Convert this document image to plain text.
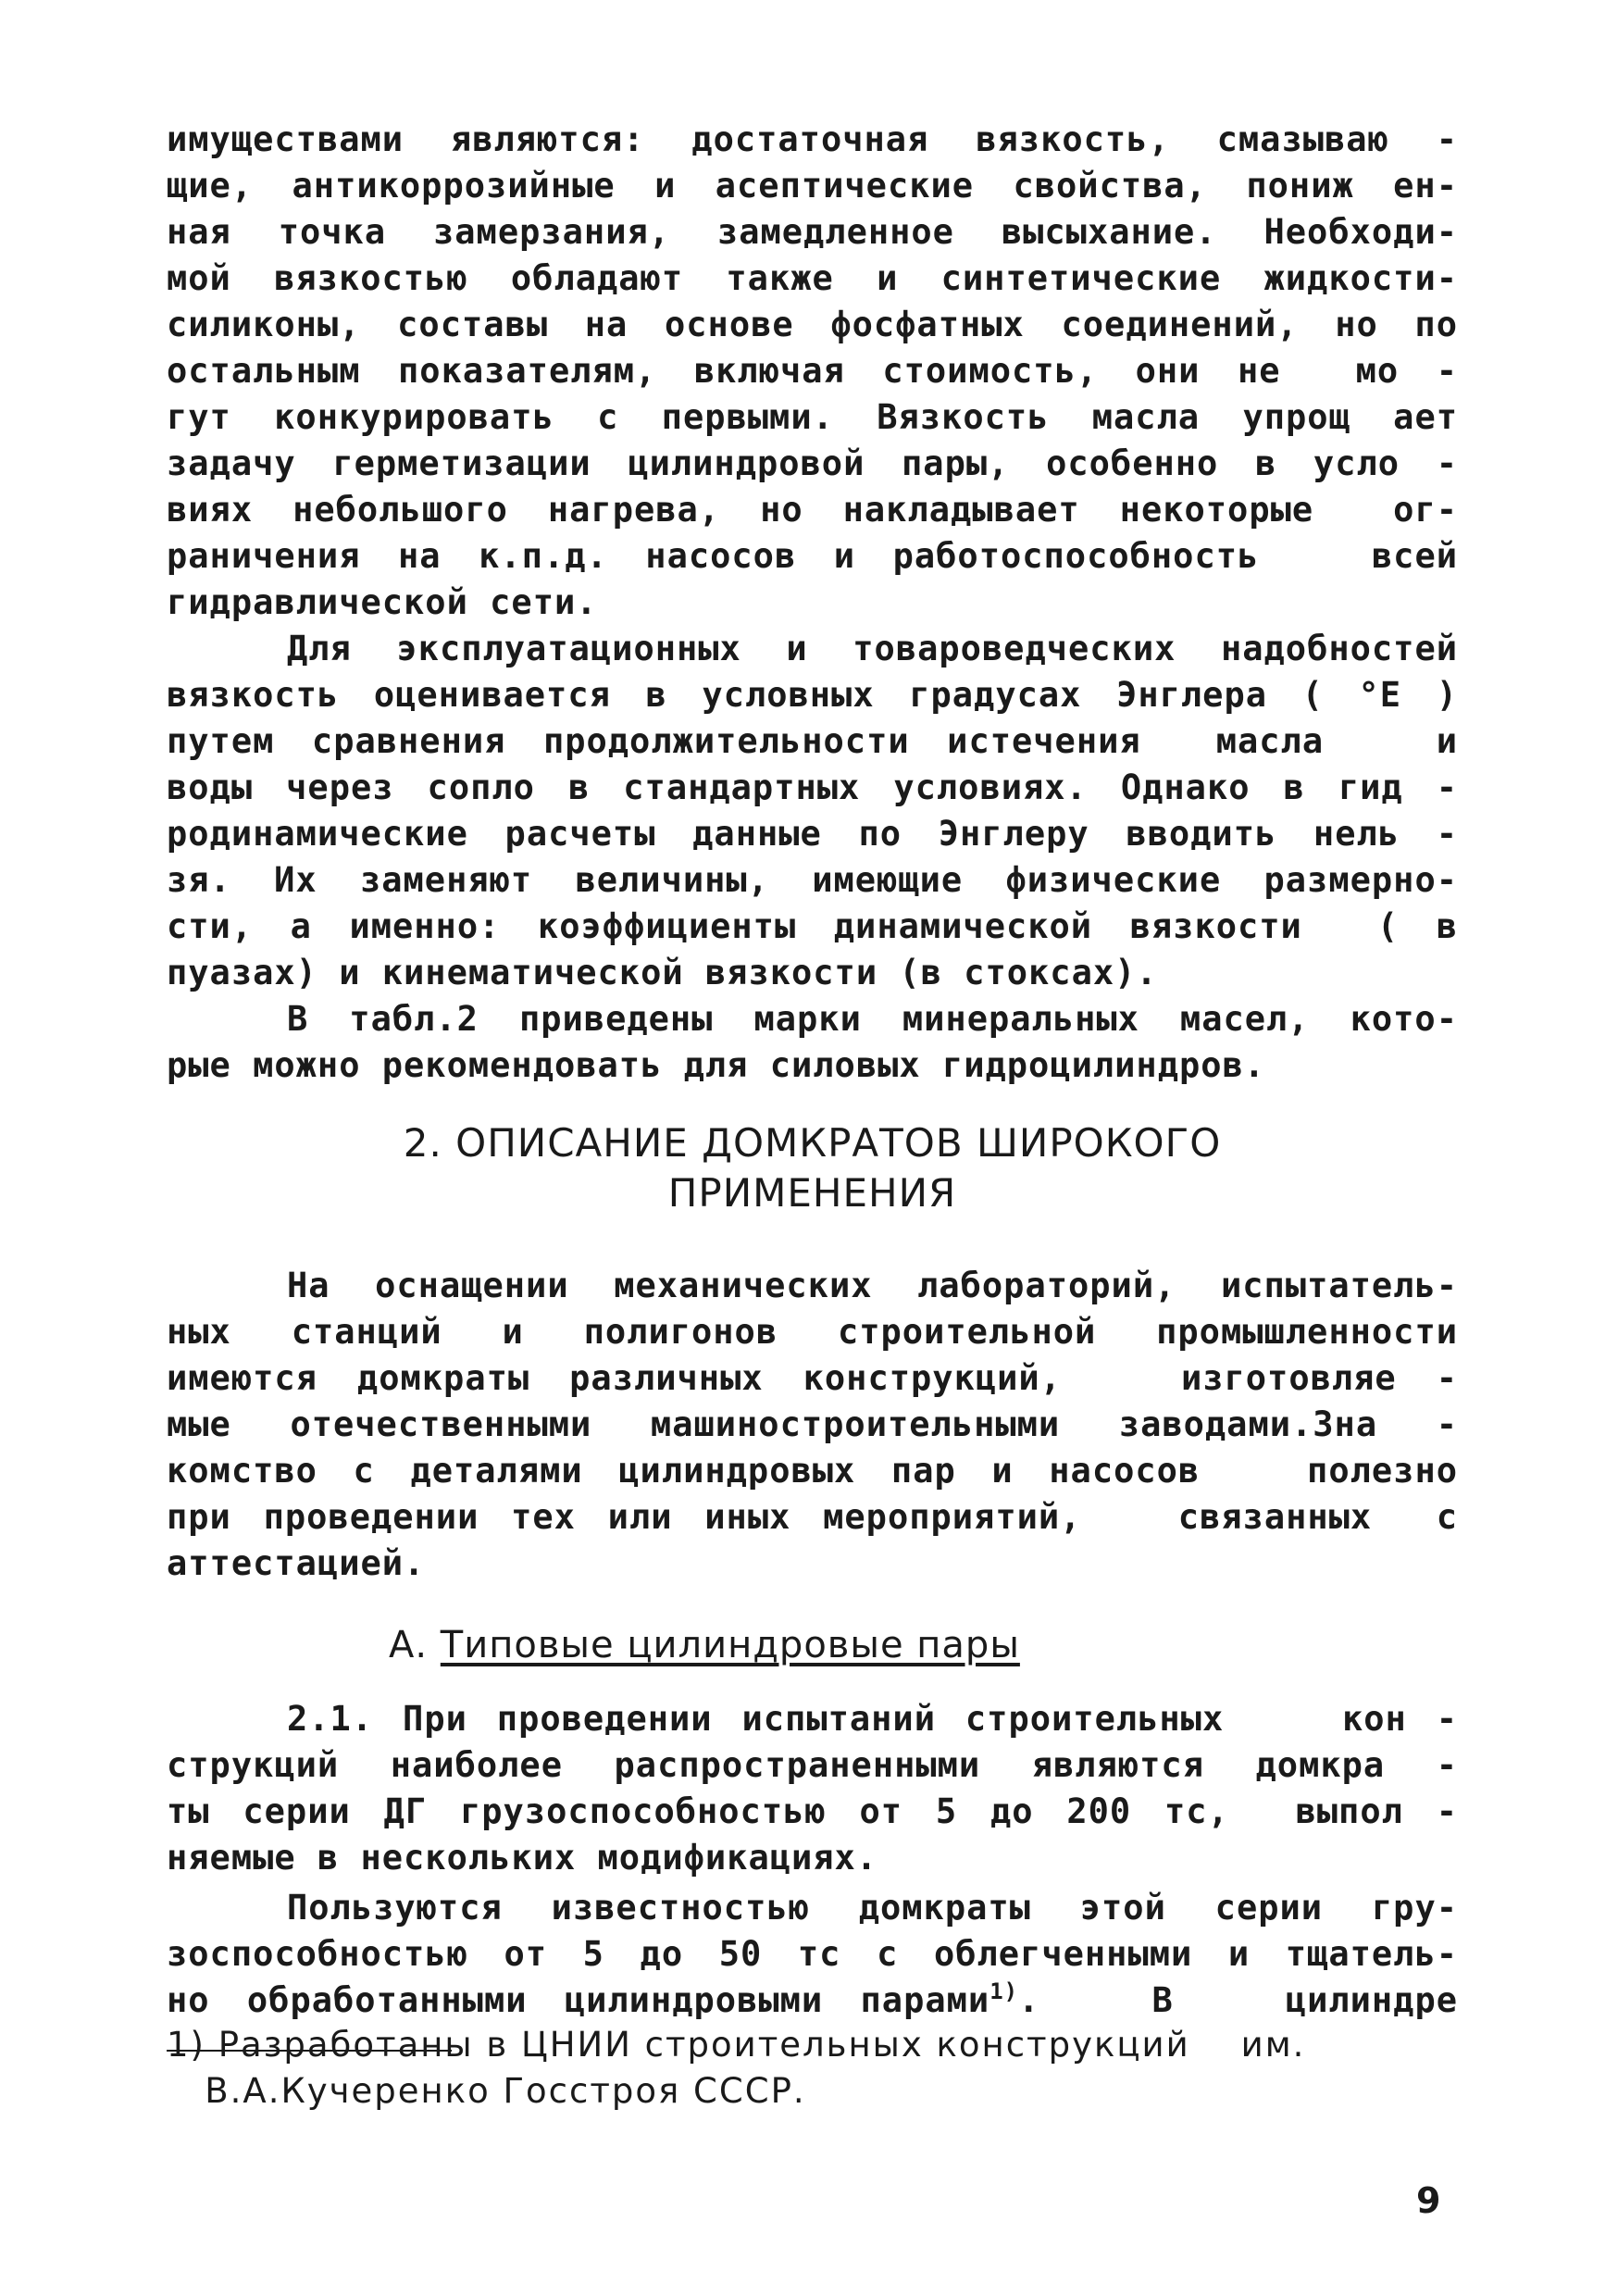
имуществами являются: достаточная вязкость, смазываю -
щие, антикоррозийные и асептические свойства, пониж ен-
ная точка замерзания, замедленное высыхание. Необходи-
мой вязкостью обладают также и синтетические жидкости-
силиконы, составы на основе фосфатных соединений, но по
остальным показателям, включая стоимость, они не  мо -
гут конкурировать с первыми. Вязкость масла упрощ ает
задачу герметизации цилиндровой пары, особенно в усло -
виях небольшого нагрева, но накладывает некоторые  ог-
раничения на к.п.д. насосов и работоспособность   всей
гидравлической сети.
Для эксплуатационных и товароведческих надобностей
вязкость оценивается в условных градусах Энглера ( °Е )
путем сравнения продолжительности истечения  масла   и
воды через сопло в стандартных условиях. Однако в гид -
родинамические расчеты данные по Энглеру вводить нель -
зя. Их заменяют величины, имеющие физические размерно-
сти, а именно: коэффициенты динамической вязкости  ( в
пуазах) и кинематической вязкости (в стоксах).
В табл.2 приведены марки минеральных масел, кото-
рые можно рекомендовать для силовых гидроцилиндров.
2. ОПИСАНИЕ ДОМКРАТОВ ШИРОКОГО
ПРИМЕНЕНИЯ
На оснащении механических лабораторий, испытатель-
ных станций и полигонов строительной промышленности
имеются домкраты различных конструкций,   изготовляе -
мые отечественными машиностроительными заводами.Зна -
комство с деталями цилиндровых пар и насосов   полезно
при проведении тех или иных мероприятий,   связанных  с
аттестацией.
А. Типовые цилиндровые пары
2.1. При проведении испытаний строительных    кон -
струкций наиболее распространенными являются домкра -
ты серии ДГ грузоспособностью от 5 до 200 тс,  выпол -
няемые в нескольких модификациях.
Пользуются известностью домкраты этой серии гру-
зоспособностью от 5 до 50 тс с облегченными и тщатель-
но обработанными цилиндровыми парами$^{1)}$.   В   цилиндре
1) Разработаны в ЦНИИ строительных конструкций    им.
В.А.Кучеренко Госстроя СССР.
9
